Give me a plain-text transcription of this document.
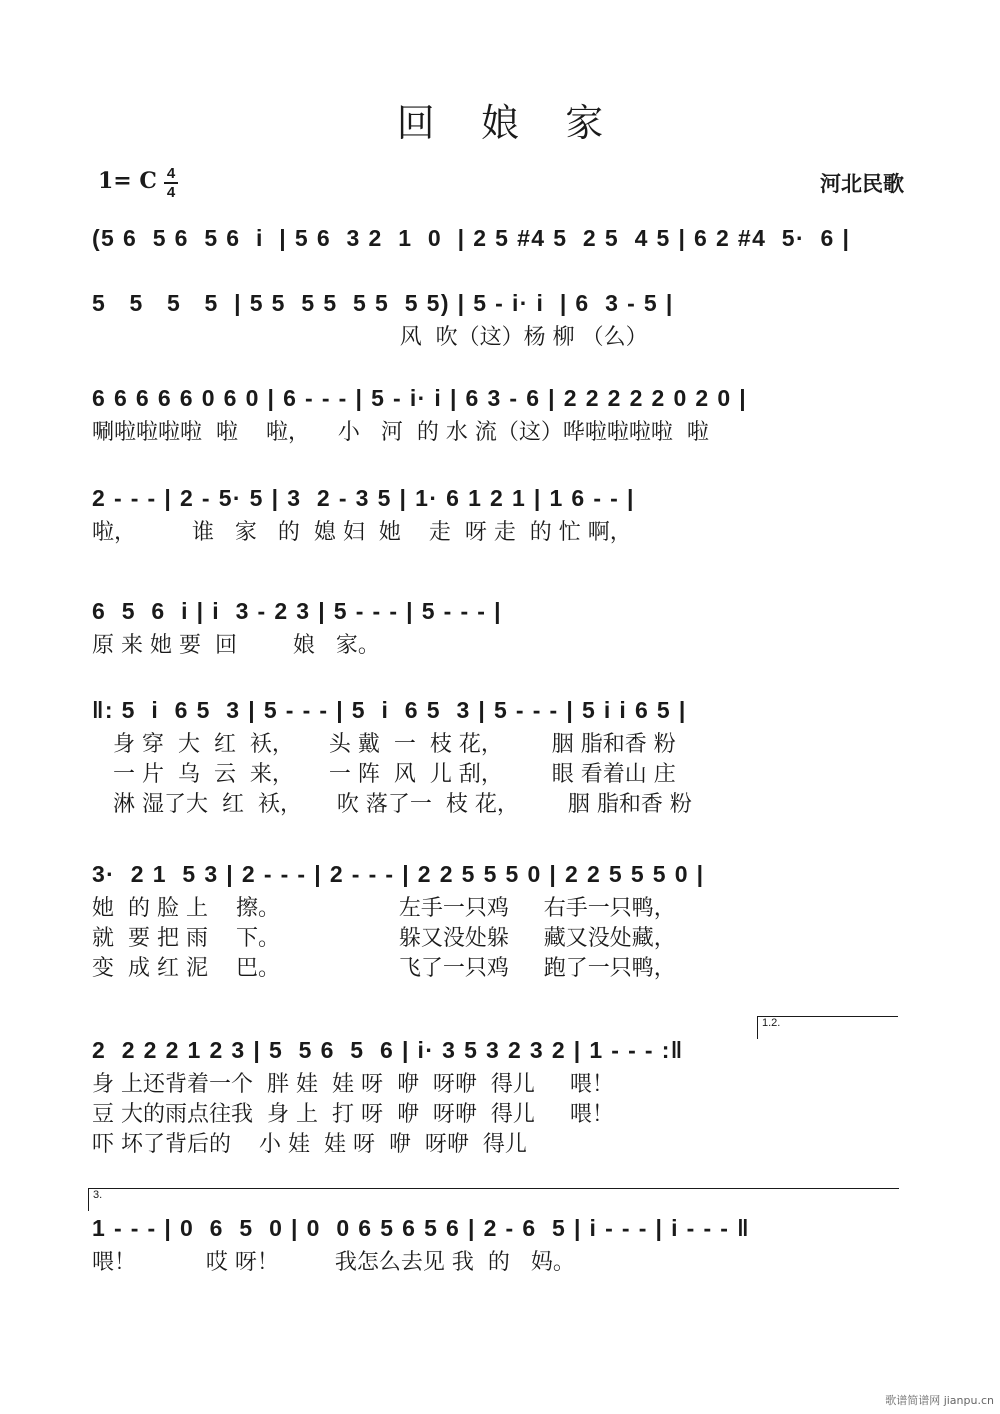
回 娘 家
1= C 4
4	河北民歌
(5 6  5 6  5 6  i  | 5 6  3 2  1  0  | 2 5 #4 5  2 5  4 5 | 6 2 #4  5·  6 |
5   5   5   5  | 5 5  5 5  5 5  5 5) | 5 - i· i  | 6  3 - 5 |
风  吹（这）杨 柳 （么）
6 6 6 6 6 0 6 0 | 6 - - - | 5 - i· i | 6 3 - 6 | 2 2 2 2 2 0 2 0 |
唰啦啦啦啦  啦    啦，    小   河  的 水 流（这）哗啦啦啦啦  啦
2 - - - | 2 - 5· 5 | 3  2 - 3 5 | 1· 6 1 2 1 | 1 6 - - |
啦，        谁   家   的  媳 妇  她    走  呀 走  的 忙 啊，
6  5  6  i | i  3 - 2 3 | 5 - - - | 5 - - - |
原 来 她 要  回        娘   家。
‖: 5  i  6 5  3 | 5 - - - | 5  i  6 5  3 | 5 - - - | 5 i i 6 5 |
身 穿  大  红  袄，     头 戴  一  枝 花，       胭 脂和香 粉
一 片  乌  云  来，     一 阵  风  儿 刮，       眼 看着山 庄
淋 湿了大  红  袄，     吹 落了一  枝 花，       胭 脂和香 粉
3·  2 1  5 3 | 2 - - - | 2 - - - | 2 2 5 5 5 0 | 2 2 5 5 5 0 |
她  的 脸 上    擦。                 左手一只鸡     右手一只鸭，
就  要 把 雨    下。                 躲又没处躲     藏又没处藏，
变  成 红 泥    巴。                 飞了一只鸡     跑了一只鸭，
1.2.
2  2 2 2 1 2 3 | 5  5 6  5  6 | i· 3 5 3 2 3 2 | 1 - - - :‖
身 上还背着一个  胖 娃  娃 呀  咿  呀咿  得儿     喂！
豆 大的雨点往我  身 上  打 呀  咿  呀咿  得儿     喂！
吓 坏了背后的    小 娃  娃 呀  咿  呀咿  得儿
3.
1 - - - | 0  6  5  0 | 0  0 6 5 6 5 6 | 2 - 6  5 | i - - - | i - - - ‖
喂！          哎 呀！        我怎么去见 我  的   妈。
歌谱简谱网 jianpu.cn
